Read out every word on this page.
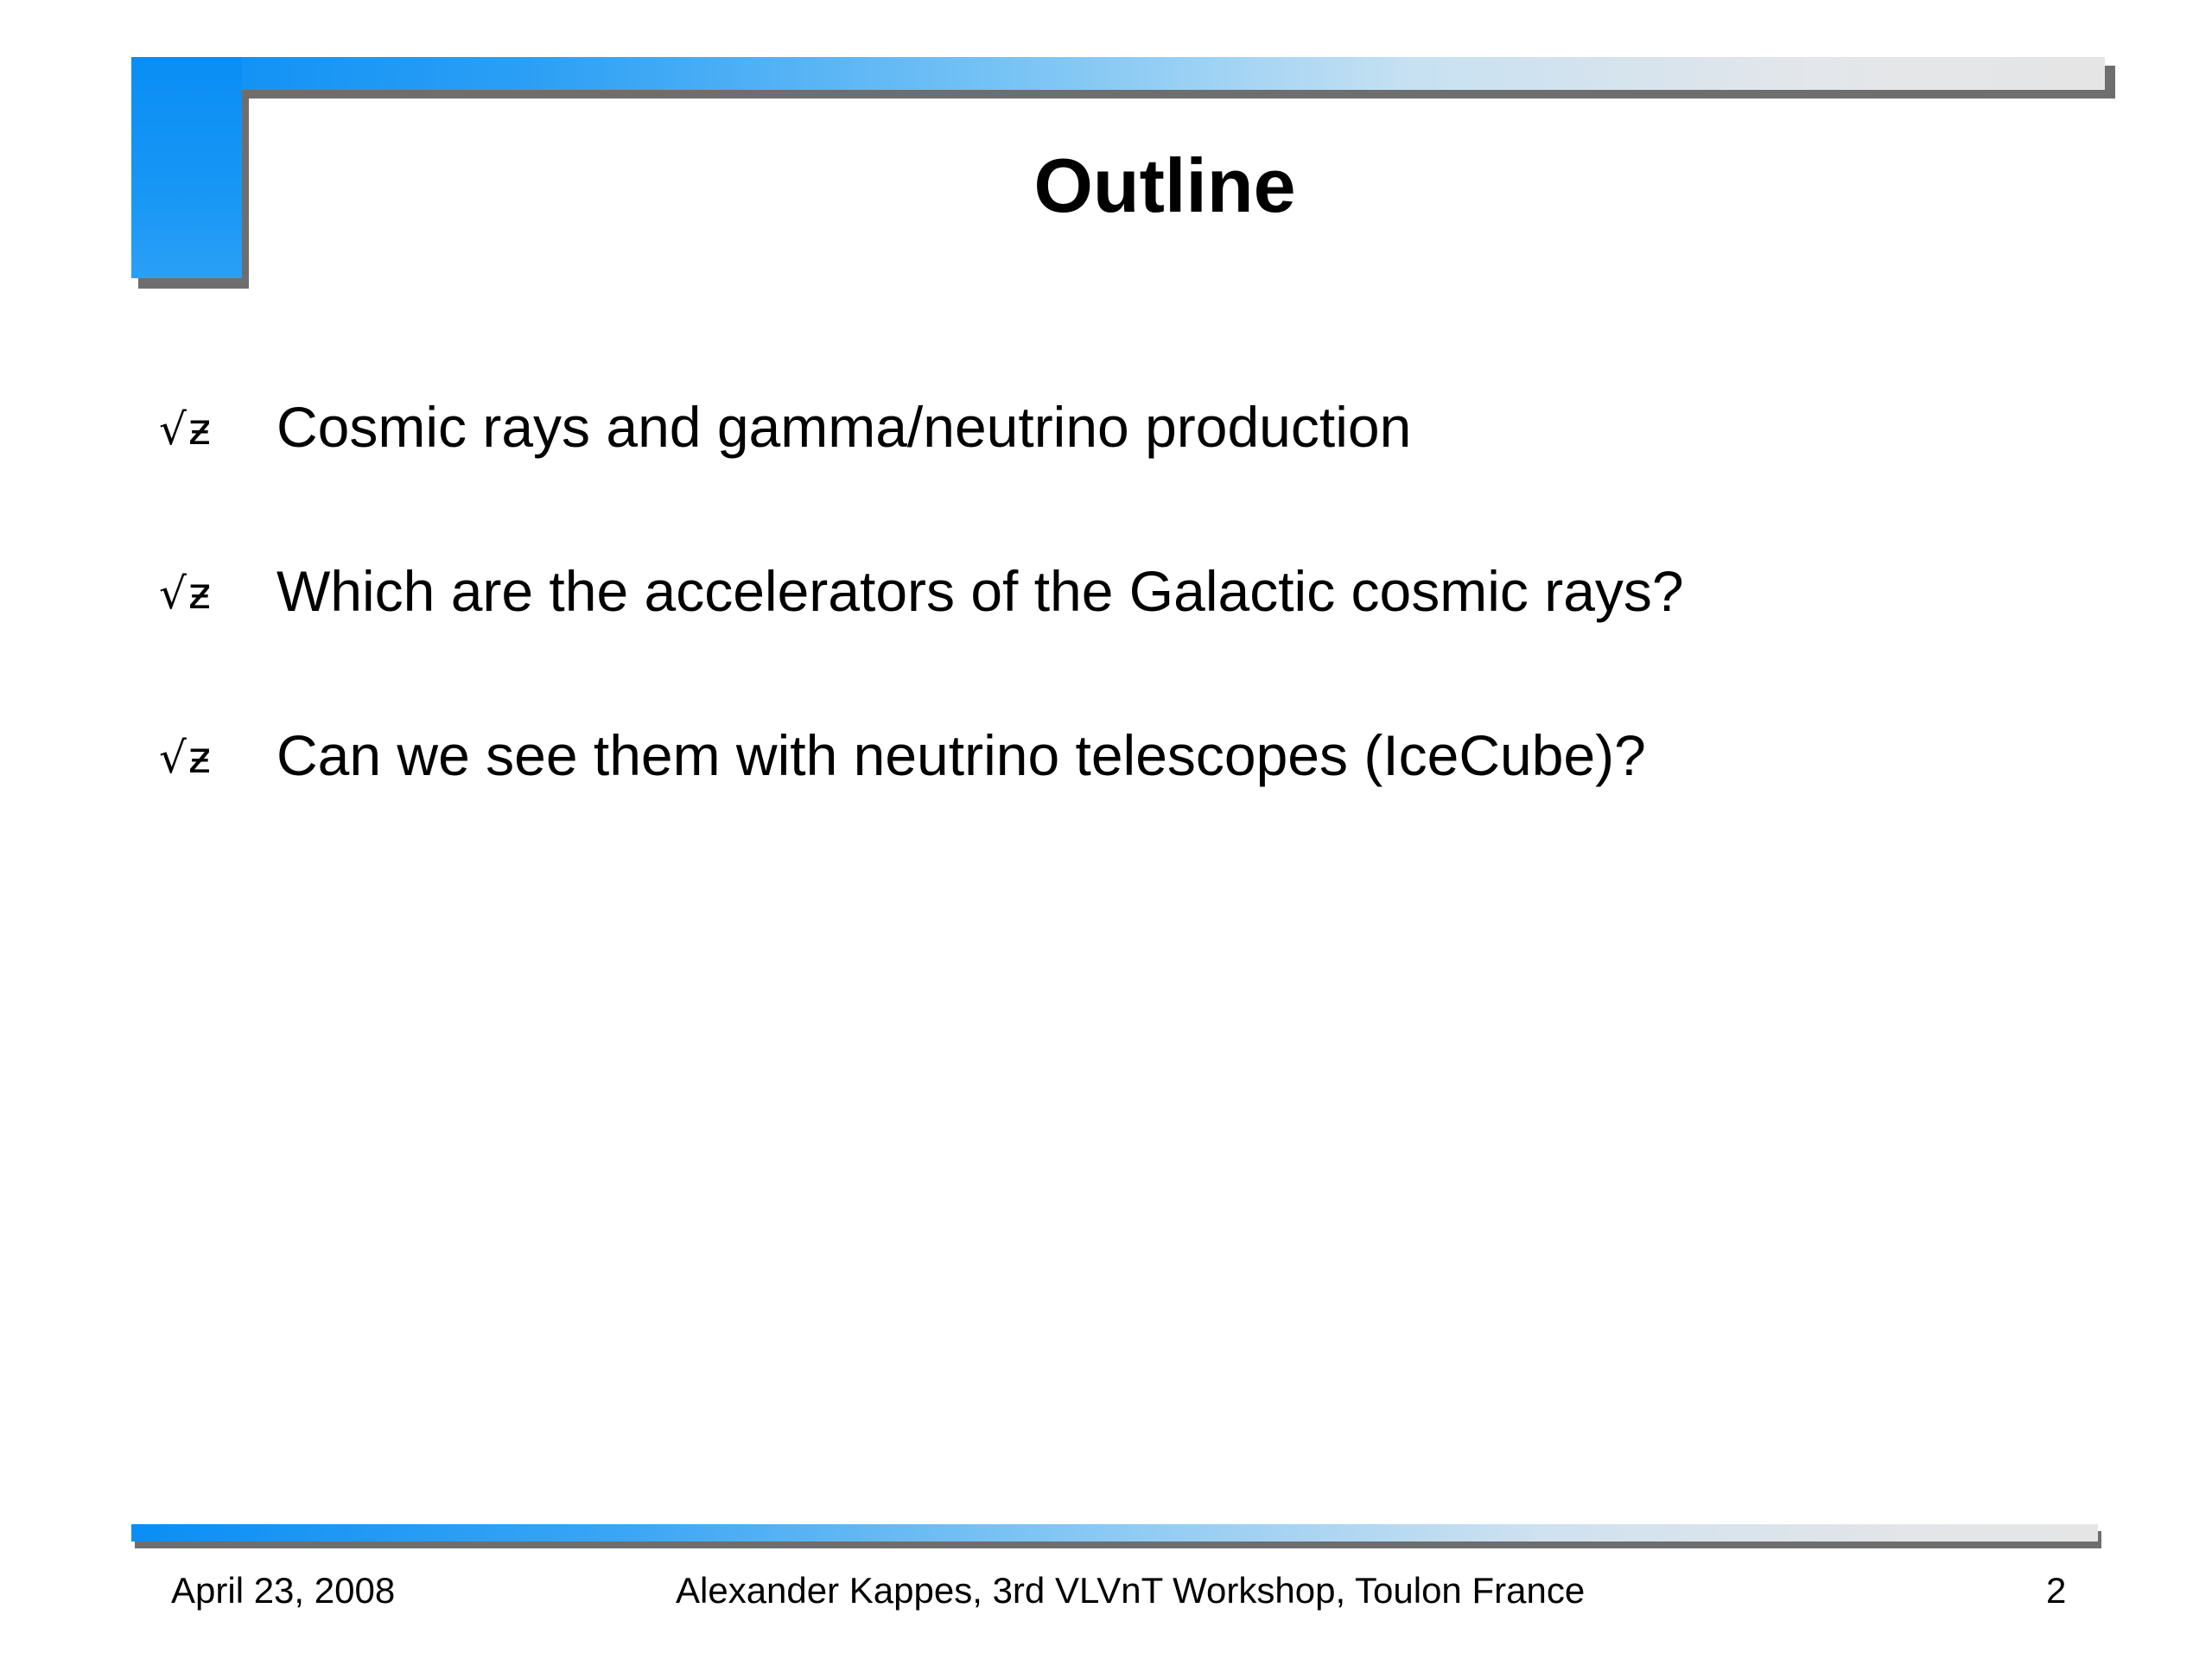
Outline
√ƶ Cosmic rays and gamma/neutrino production
√ƶ Which are the accelerators of the Galactic cosmic rays?
√ƶ Can we see them with neutrino telescopes (IceCube)?
April 23, 2008	Alexander Kappes, 3rd VLVnT Workshop, Toulon France	2
